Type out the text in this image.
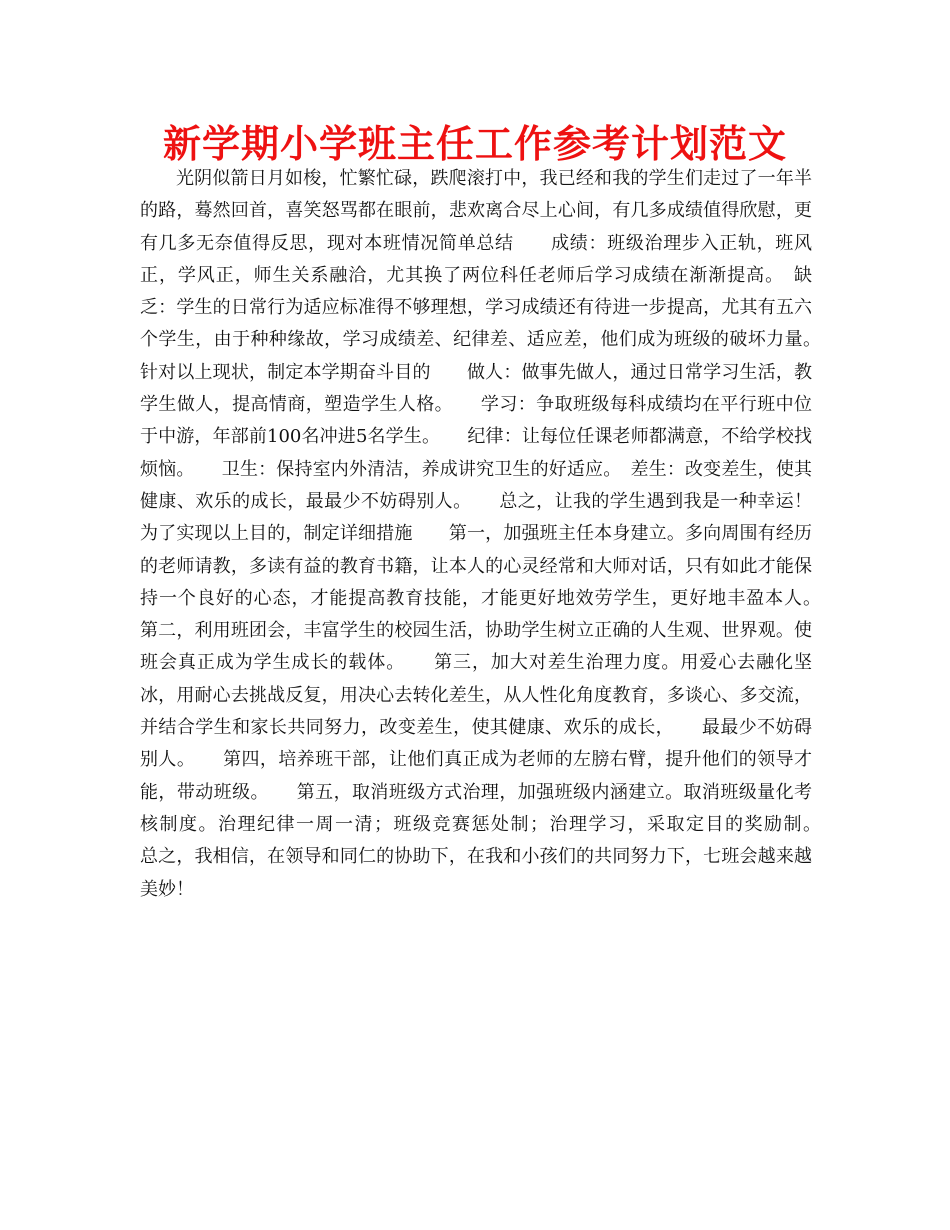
新学期小学班主任工作参考计划范文

光阴似箭日月如梭，忙繁忙碌，跌爬滚打中，我已经和我的学生们走过了一年半的路，蓦然回首，喜笑怒骂都在眼前，悲欢离合尽上心间，有几多成绩值得欣慰，更有几多无奈值得反思，现对本班情况简单总结　　成绩：班级治理步入正轨，班风正，学风正，师生关系融洽，尤其换了两位科任老师后学习成绩在渐渐提高。　缺乏：学生的日常行为适应标准得不够理想，学习成绩还有待进一步提高，尤其有五六个学生，由于种种缘故，学习成绩差、纪律差、适应差，他们成为班级的破坏力量。　　针对以上现状，制定本学期奋斗目的　　做人：做事先做人，通过日常学习生活，教学生做人，提高情商，塑造学生人格。　　学习：争取班级每科成绩均在平行班中位于中游，年部前100名冲进5名学生。　　纪律：让每位任课老师都满意，不给学校找烦恼。　　卫生：保持室内外清洁，养成讲究卫生的好适应。　差生：改变差生，使其健康、欢乐的成长，最最少不妨碍别人。　　总之，让我的学生遇到我是一种幸运！　　为了实现以上目的，制定详细措施　　第一，加强班主任本身建立。多向周围有经历的老师请教，多读有益的教育书籍，让本人的心灵经常和大师对话，只有如此才能保持一个良好的心态，才能提高教育技能，才能更好地效劳学生，更好地丰盈本人。　　第二，利用班团会，丰富学生的校园生活，协助学生树立正确的人生观、世界观。使班会真正成为学生成长的载体。　　第三，加大对差生治理力度。用爱心去融化坚冰，用耐心去挑战反复，用决心去转化差生，从人性化角度教育，多谈心、多交流，并结合学生和家长共同努力，改变差生，使其健康、欢乐的成长，　　最最少不妨碍别人。　　第四，培养班干部，让他们真正成为老师的左膀右臂，提升他们的领导才能，带动班级。　　第五，取消班级方式治理，加强班级内涵建立。取消班级量化考核制度。治理纪律一周一清；班级竞赛惩处制；治理学习，采取定目的奖励制。　　总之，我相信，在领导和同仁的协助下，在我和小孩们的共同努力下，七班会越来越美妙！
